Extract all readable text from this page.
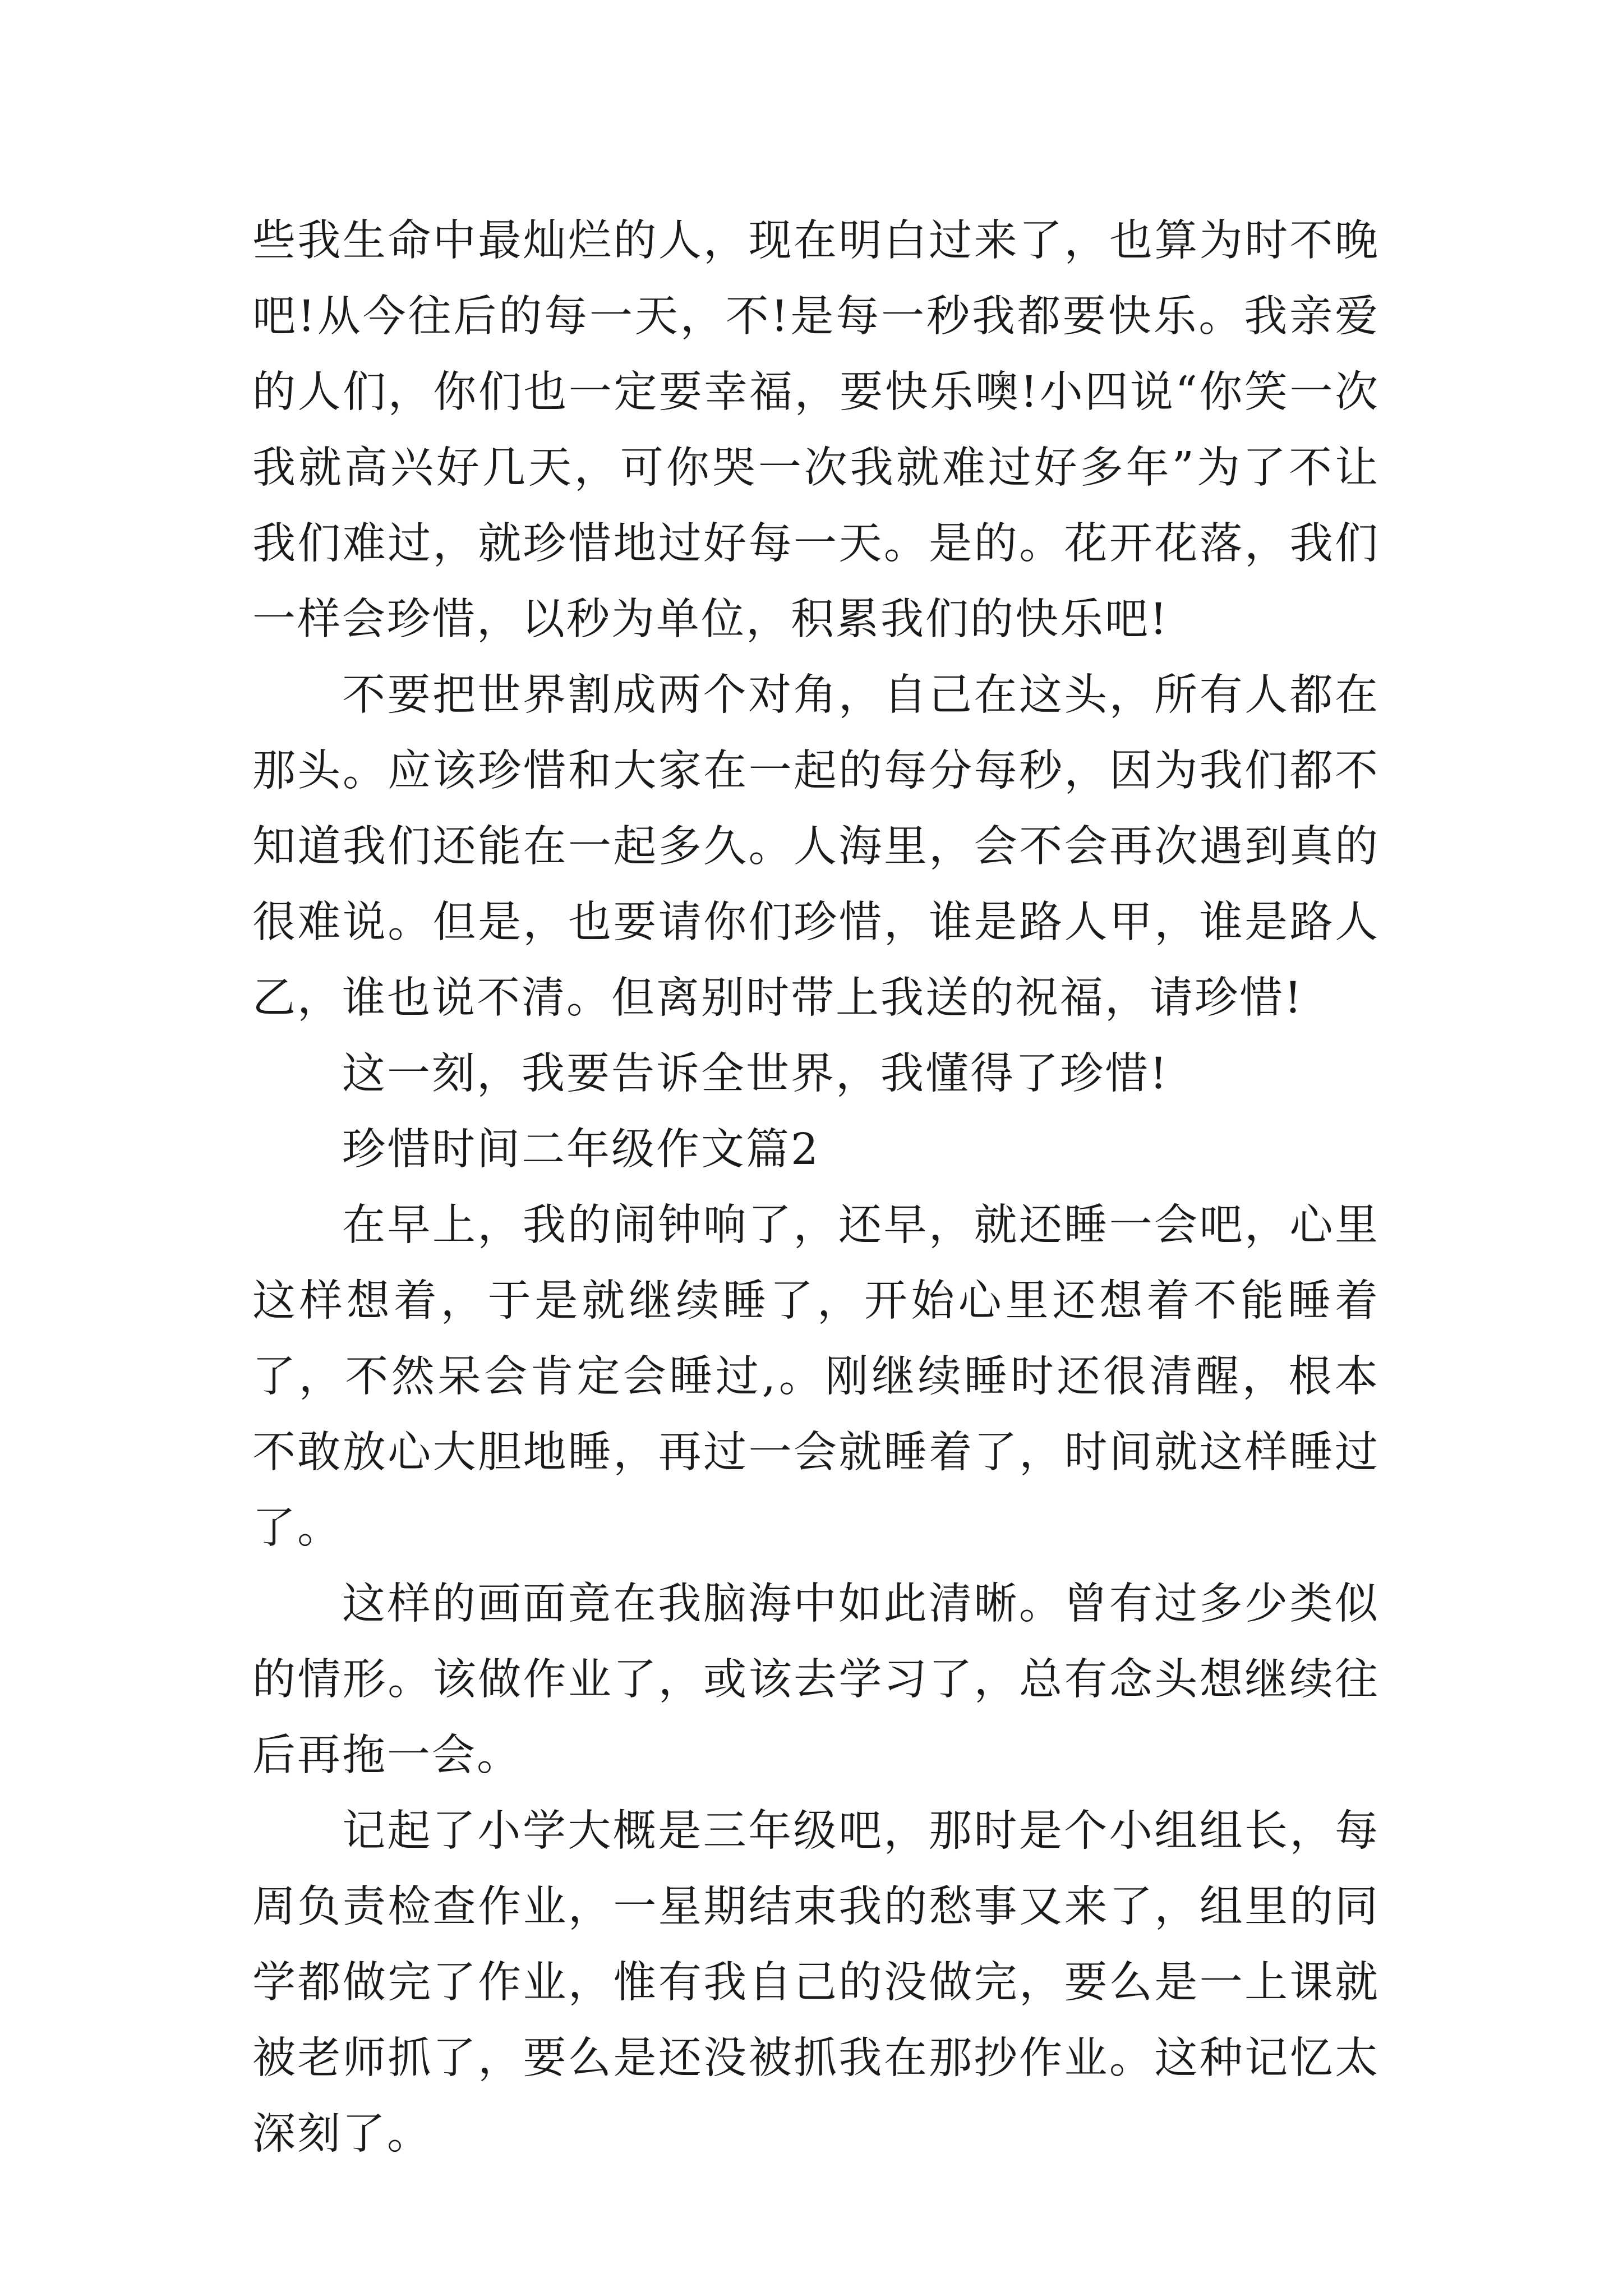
些我生命中最灿烂的人，现在明白过来了，也算为时不晚吧!从今往后的每一天，不!是每一秒我都要快乐。我亲爱的人们，你们也一定要幸福，要快乐噢!小四说“你笑一次我就高兴好几天，可你哭一次我就难过好多年”为了不让我们难过，就珍惜地过好每一天。是的。花开花落，我们一样会珍惜，以秒为单位，积累我们的快乐吧!

不要把世界割成两个对角，自己在这头，所有人都在那头。应该珍惜和大家在一起的每分每秒，因为我们都不知道我们还能在一起多久。人海里，会不会再次遇到真的很难说。但是，也要请你们珍惜，谁是路人甲，谁是路人乙，谁也说不清。但离别时带上我送的祝福，请珍惜!

这一刻，我要告诉全世界，我懂得了珍惜!

珍惜时间二年级作文篇2

在早上，我的闹钟响了，还早，就还睡一会吧，心里这样想着，于是就继续睡了，开始心里还想着不能睡着了，不然呆会肯定会睡过,。刚继续睡时还很清醒，根本不敢放心大胆地睡，再过一会就睡着了，时间就这样睡过了。

这样的画面竟在我脑海中如此清晰。曾有过多少类似的情形。该做作业了，或该去学习了，总有念头想继续往后再拖一会。

记起了小学大概是三年级吧，那时是个小组组长，每周负责检查作业，一星期结束我的愁事又来了，组里的同学都做完了作业，惟有我自己的没做完，要么是一上课就被老师抓了，要么是还没被抓我在那抄作业。这种记忆太深刻了。
